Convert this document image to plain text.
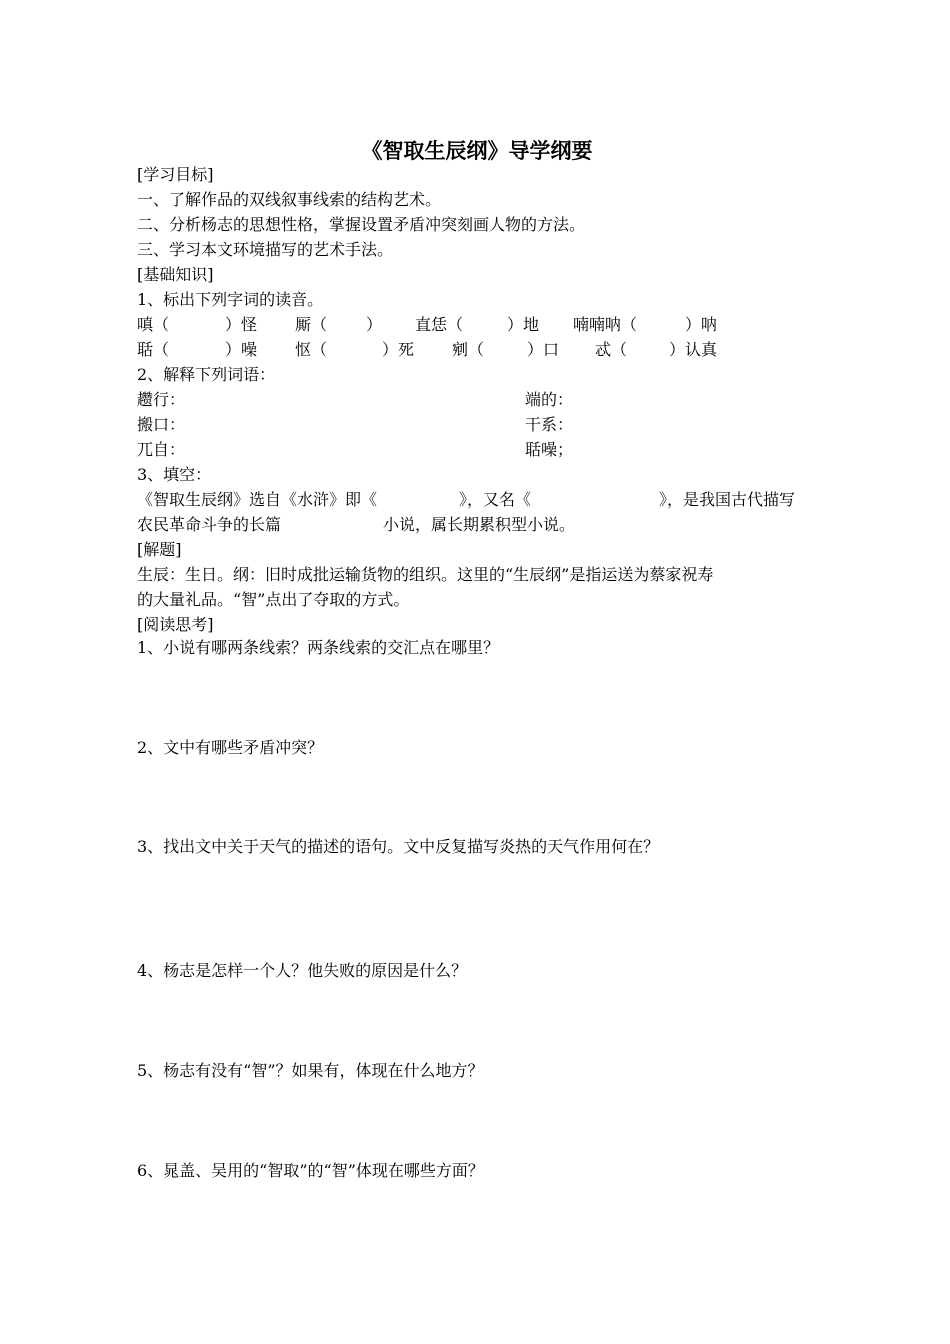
《智取生辰纲》导学纲要
[学习目标]
一、了解作品的双线叙事线索的结构艺术。
二、分析杨志的思想性格，掌握设置矛盾冲突刻画人物的方法。
三、学习本文环境描写的艺术手法。
[基础知识]
1、标出下列字词的读音。
嗔（	）怪 厮（ ） 直恁（	）地 喃喃呐（	）呐
聒（	）噪 怄（	）死 剜（	）口 忒（	）认真
2、解释下列词语：
趱行：	端的：
搬口：	干系：
兀自：	聒噪；
3、填空：
《智取生辰纲》选自《水浒》即《	》，又名《	》，是我国古代描写
农民革命斗争的长篇	小说，属长期累积型小说。
[解题]
生辰：生日。纲：旧时成批运输货物的组织。这里的“生辰纲”是指运送为蔡家祝寿
的大量礼品。“智”点出了夺取的方式。
[阅读思考]
1、小说有哪两条线索？两条线索的交汇点在哪里？
2、文中有哪些矛盾冲突？
3、找出文中关于天气的描述的语句。文中反复描写炎热的天气作用何在？
4、杨志是怎样一个人？他失败的原因是什么？
5、杨志有没有“智”？如果有，体现在什么地方？
6、晁盖、吴用的“智取”的“智”体现在哪些方面？
